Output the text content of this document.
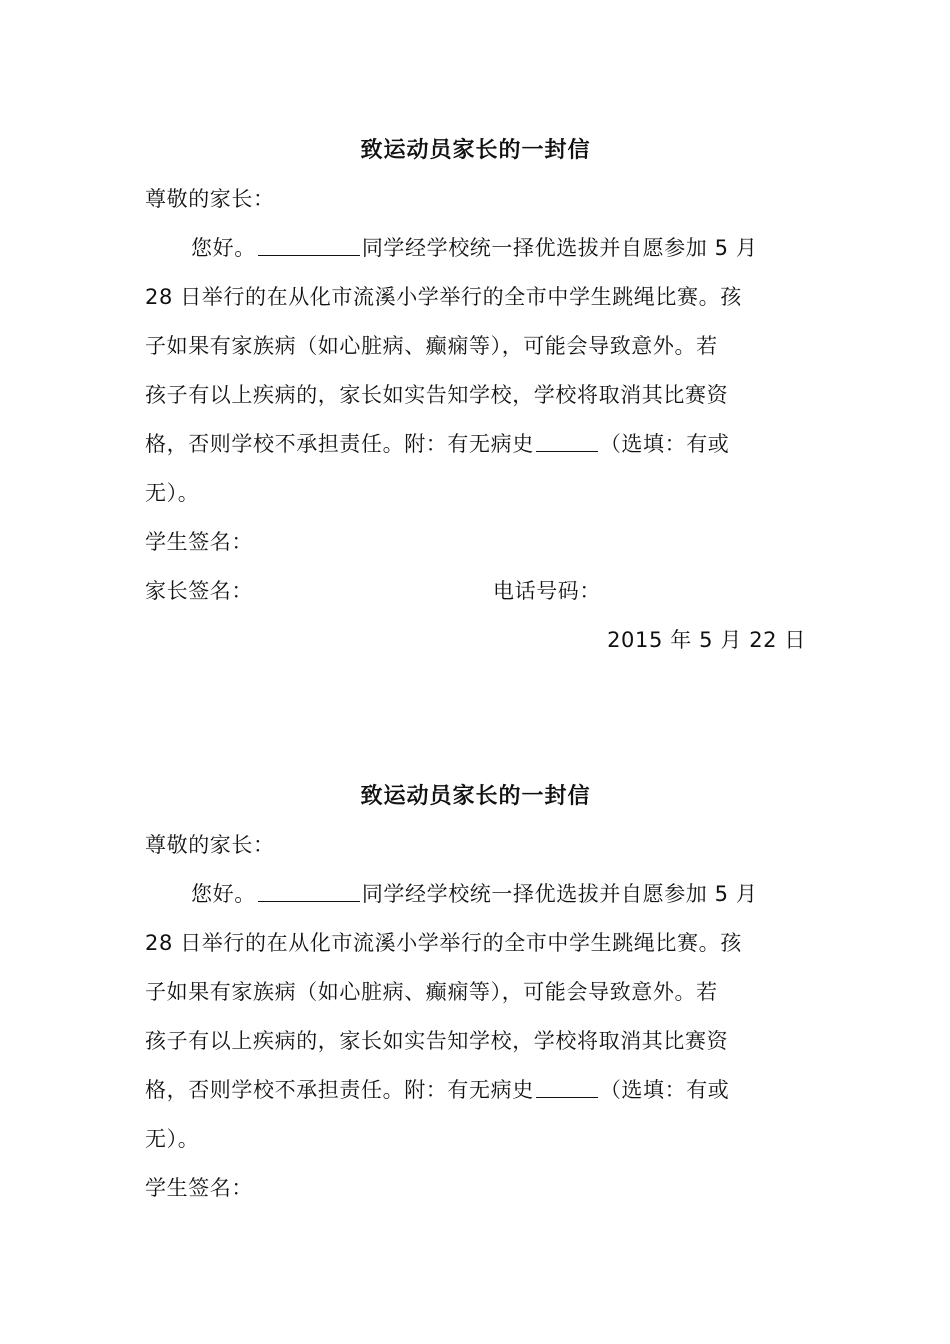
致运动员家长的一封信
尊敬的家长：
您好。	同学经学校统一择优选拔并自愿参加 5 月
28 日举行的在从化市流溪小学举行的全市中学生跳绳比赛。孩
子如果有家族病（如心脏病、癫痫等），可能会导致意外。若
孩子有以上疾病的，家长如实告知学校，学校将取消其比赛资
格，否则学校不承担责任。附：有无病史	（选填：有或
无）。
学生签名：
家长签名：	电话号码：
2015 年 5 月 22 日
致运动员家长的一封信
尊敬的家长：
您好。	同学经学校统一择优选拔并自愿参加 5 月
28 日举行的在从化市流溪小学举行的全市中学生跳绳比赛。孩
子如果有家族病（如心脏病、癫痫等），可能会导致意外。若
孩子有以上疾病的，家长如实告知学校，学校将取消其比赛资
格，否则学校不承担责任。附：有无病史	（选填：有或
无）。
学生签名：
